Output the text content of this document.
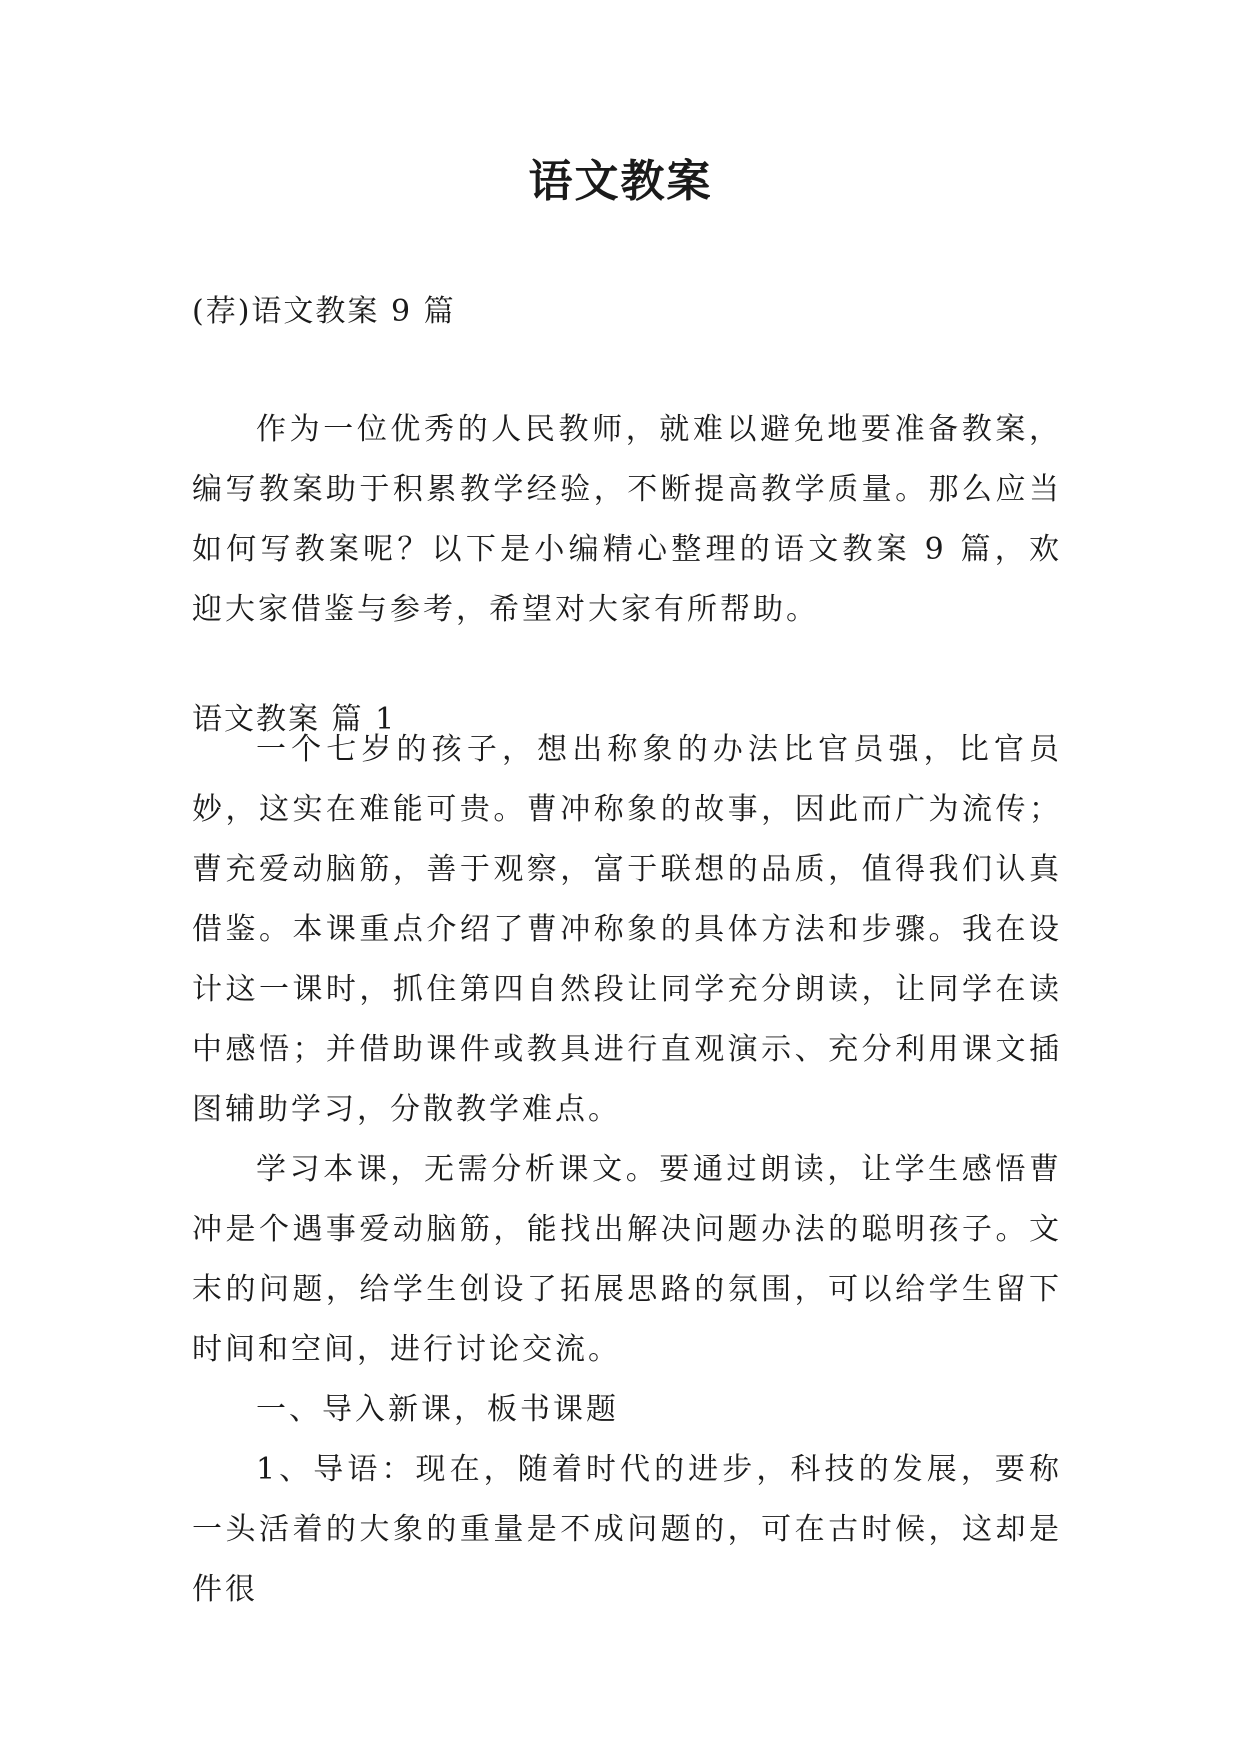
语文教案

(荐)语文教案 9 篇

作为一位优秀的人民教师，就难以避免地要准备教案，编写教案助于积累教学经验，不断提高教学质量。那么应当如何写教案呢？以下是小编精心整理的语文教案 9 篇，欢迎大家借鉴与参考，希望对大家有所帮助。

语文教案 篇 1

一个七岁的孩子，想出称象的办法比官员强，比官员妙，这实在难能可贵。曹冲称象的故事，因此而广为流传；曹充爱动脑筋，善于观察，富于联想的品质，值得我们认真借鉴。本课重点介绍了曹冲称象的具体方法和步骤。我在设计这一课时，抓住第四自然段让同学充分朗读，让同学在读中感悟；并借助课件或教具进行直观演示、充分利用课文插图辅助学习，分散教学难点。

学习本课，无需分析课文。要通过朗读，让学生感悟曹冲是个遇事爱动脑筋，能找出解决问题办法的聪明孩子。文末的问题，给学生创设了拓展思路的氛围，可以给学生留下时间和空间，进行讨论交流。

一、导入新课，板书课题

1、导语：现在，随着时代的进步，科技的发展，要称一头活着的大象的重量是不成问题的，可在古时候，这却是件很
